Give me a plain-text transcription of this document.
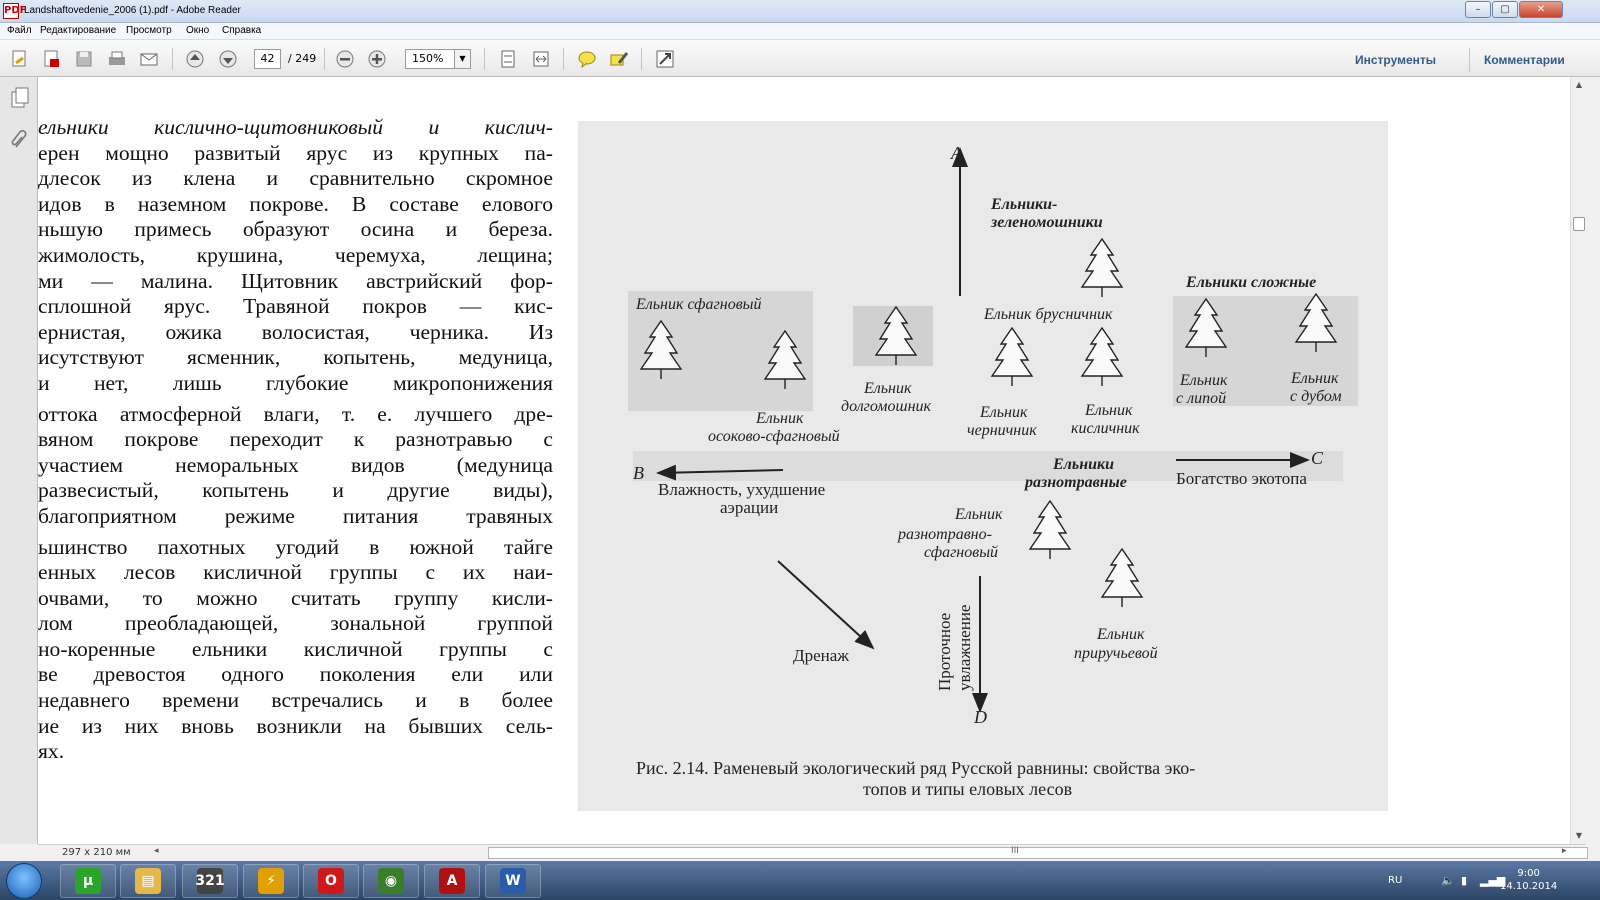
PDF
Landshaftovedenie_2006 (1).pdf - Adobe Reader	–	▢	✕
Файл Редактирование Просмотр Окно Справка
42	/ 249	150%	▼	Инструменты	Комментарии
ельники кислично-щитовниковый и кислич-
ерен мощно развитый ярус из крупных па-
длесок из клена и сравнительно скромное
идов в наземном покрове. В составе елового
ньшую примесь образуют осина и береза.
жимолость, крушина, черемуха, лещина;
ми — малина. Щитовник австрийский фор-
сплошной ярус. Травяной покров — кис-
ернистая, ожика волосистая, черника. Из
исутствуют ясменник, копытень, медуница,
и нет, лишь глубокие микропонижения
оттока атмосферной влаги, т. е. лучшего дре-
вяном покрове переходит к разнотравью с
участием неморальных видов (медуница
развесистый, копытень и другие виды),
благоприятном режиме питания травяных
ьшинство пахотных угодий в южной тайге
енных лесов кисличной группы с их наи-
очвами, то можно считать группу кисли-
лом преобладающей, зональной группой
но-коренные ельники кисличной группы с
ве древостоя одного поколения ели или
недавнего времени встречались и в более
ие из них вновь возникли на бывших сель-
ях.
A
B
C
D
Ельники-
зеленомошники
Ельники сложные
Ельники
разнотравные
Ельник сфагновый
Ельник
осоково-сфагновый
Ельник
долгомошник
Ельник брусничник
Ельник
черничник
Ельник
кисличник
Ельник
с липой
Ельник
с дубом
Ельник
разнотравно-
сфагновый
Ельник
приручьевой
Влажность, ухудшение
аэрации
Богатство экотопа
Дренаж	Проточное увлажнение
Рис. 2.14. Раменевый экологический ряд Русской равнины: свойства эко-
топов и типы еловых лесов
▲
▼
297 x 210 мм	◂	III	▸
µ	▤	321	⚡	O	◉	A	W	RU	🔈 ▮ ▂▄▆
9:00
14.10.2014
